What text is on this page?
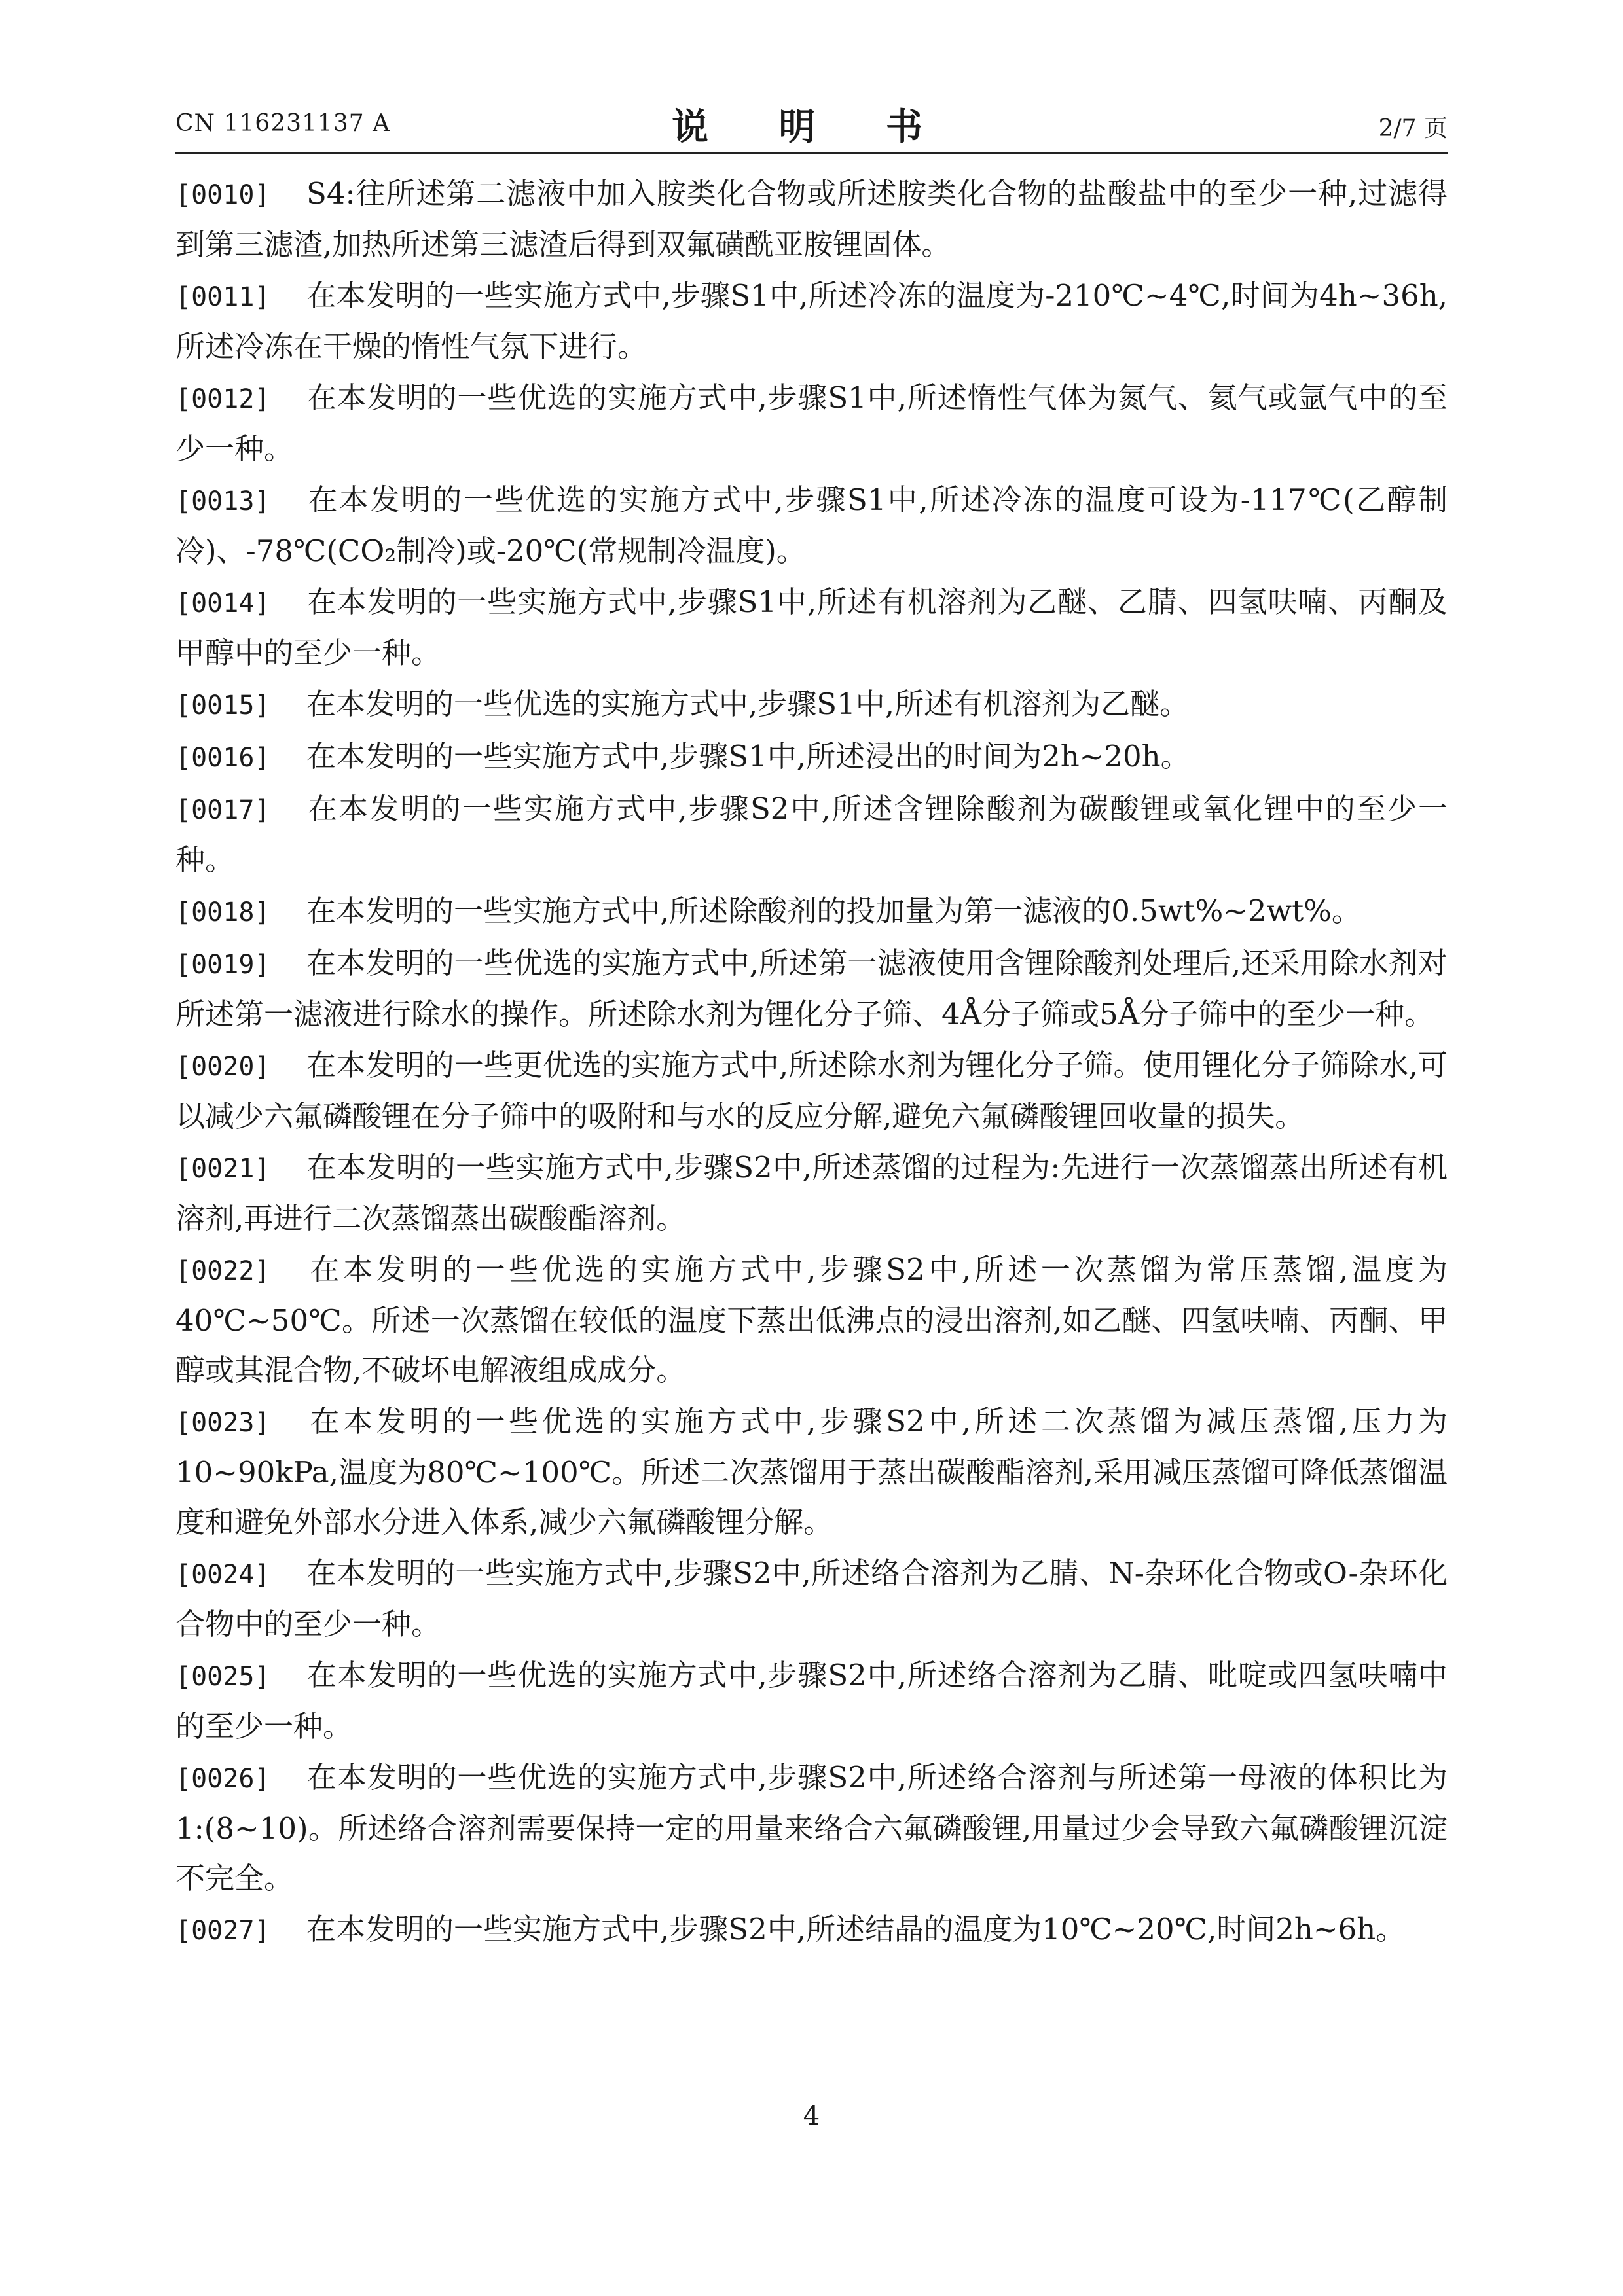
CN 116231137 A	说 明 书	2/7 页

[0010] S4:往所述第二滤液中加入胺类化合物或所述胺类化合物的盐酸盐中的至少一种,过滤得到第三滤渣,加热所述第三滤渣后得到双氟磺酰亚胺锂固体。

[0011] 在本发明的一些实施方式中,步骤S1中,所述冷冻的温度为-210℃~4℃,时间为4h~36h,所述冷冻在干燥的惰性气氛下进行。

[0012] 在本发明的一些优选的实施方式中,步骤S1中,所述惰性气体为氮气、氦气或氩气中的至少一种。

[0013] 在本发明的一些优选的实施方式中,步骤S1中,所述冷冻的温度可设为-117℃(乙醇制冷)、-78℃(CO₂制冷)或-20℃(常规制冷温度)。

[0014] 在本发明的一些实施方式中,步骤S1中,所述有机溶剂为乙醚、乙腈、四氢呋喃、丙酮及甲醇中的至少一种。

[0015] 在本发明的一些优选的实施方式中,步骤S1中,所述有机溶剂为乙醚。

[0016] 在本发明的一些实施方式中,步骤S1中,所述浸出的时间为2h~20h。

[0017] 在本发明的一些实施方式中,步骤S2中,所述含锂除酸剂为碳酸锂或氧化锂中的至少一种。

[0018] 在本发明的一些实施方式中,所述除酸剂的投加量为第一滤液的0.5wt%~2wt%。

[0019] 在本发明的一些优选的实施方式中,所述第一滤液使用含锂除酸剂处理后,还采用除水剂对所述第一滤液进行除水的操作。所述除水剂为锂化分子筛、4Å分子筛或5Å分子筛中的至少一种。

[0020] 在本发明的一些更优选的实施方式中,所述除水剂为锂化分子筛。使用锂化分子筛除水,可以减少六氟磷酸锂在分子筛中的吸附和与水的反应分解,避免六氟磷酸锂回收量的损失。

[0021] 在本发明的一些实施方式中,步骤S2中,所述蒸馏的过程为:先进行一次蒸馏蒸出所述有机溶剂,再进行二次蒸馏蒸出碳酸酯溶剂。

[0022] 在本发明的一些优选的实施方式中,步骤S2中,所述一次蒸馏为常压蒸馏,温度为40℃~50℃。所述一次蒸馏在较低的温度下蒸出低沸点的浸出溶剂,如乙醚、四氢呋喃、丙酮、甲醇或其混合物,不破坏电解液组成成分。

[0023] 在本发明的一些优选的实施方式中,步骤S2中,所述二次蒸馏为减压蒸馏,压力为10~90kPa,温度为80℃~100℃。所述二次蒸馏用于蒸出碳酸酯溶剂,采用减压蒸馏可降低蒸馏温度和避免外部水分进入体系,减少六氟磷酸锂分解。

[0024] 在本发明的一些实施方式中,步骤S2中,所述络合溶剂为乙腈、N-杂环化合物或O-杂环化合物中的至少一种。

[0025] 在本发明的一些优选的实施方式中,步骤S2中,所述络合溶剂为乙腈、吡啶或四氢呋喃中的至少一种。

[0026] 在本发明的一些优选的实施方式中,步骤S2中,所述络合溶剂与所述第一母液的体积比为1:(8~10)。所述络合溶剂需要保持一定的用量来络合六氟磷酸锂,用量过少会导致六氟磷酸锂沉淀不完全。

[0027] 在本发明的一些实施方式中,步骤S2中,所述结晶的温度为10℃~20℃,时间2h~6h。

4
